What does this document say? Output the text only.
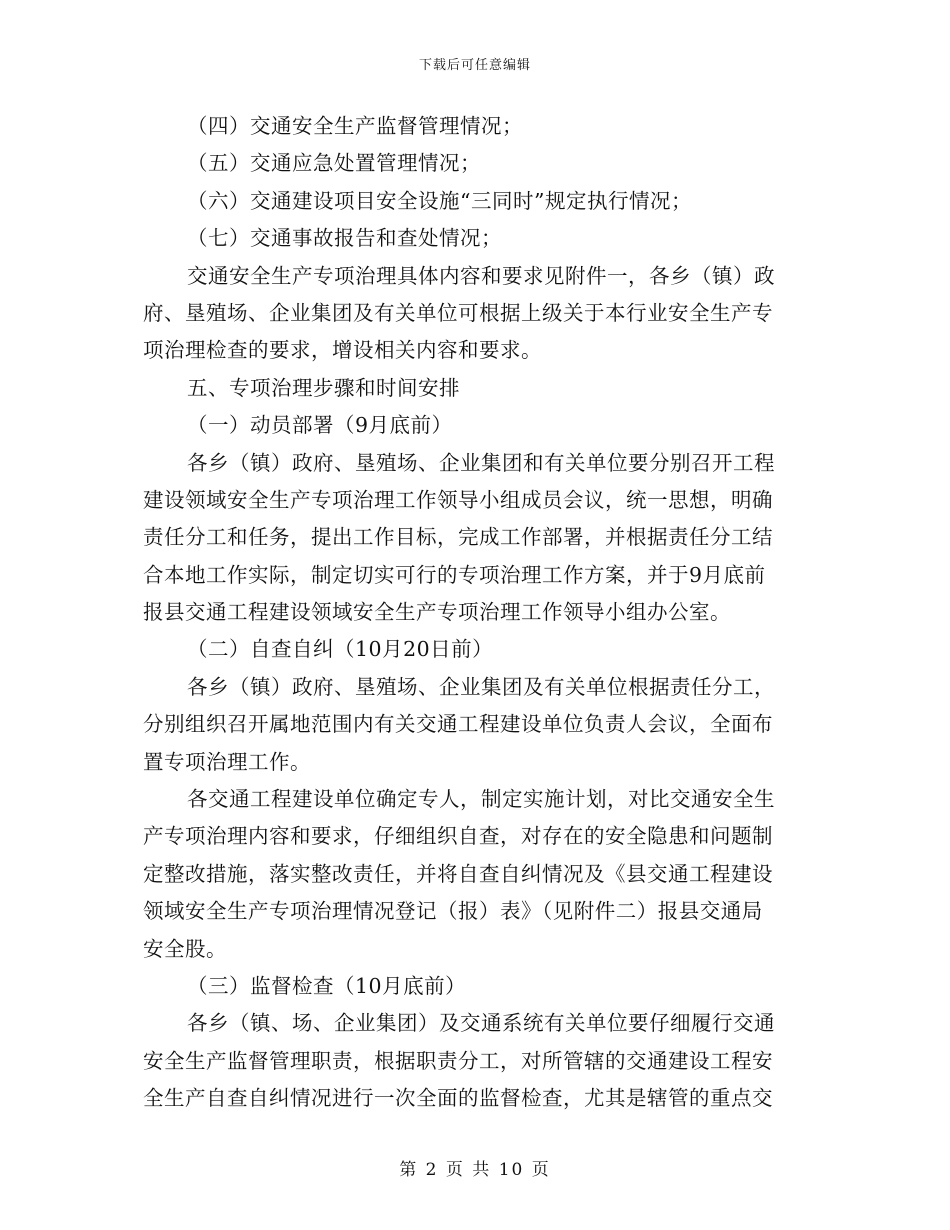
下载后可任意编辑
（四）交通安全生产监督管理情况；
（五）交通应急处置管理情况；
（六）交通建设项目安全设施“三同时”规定执行情况；
（七）交通事故报告和查处情况；
交通安全生产专项治理具体内容和要求见附件一，各乡（镇）政
府、垦殖场、企业集团及有关单位可根据上级关于本行业安全生产专
项治理检查的要求，增设相关内容和要求。
五、专项治理步骤和时间安排
（一）动员部署（9月底前）
各乡（镇）政府、垦殖场、企业集团和有关单位要分别召开工程
建设领域安全生产专项治理工作领导小组成员会议，统一思想，明确
责任分工和任务，提出工作目标，完成工作部署，并根据责任分工结
合本地工作实际，制定切实可行的专项治理工作方案，并于9月底前
报县交通工程建设领域安全生产专项治理工作领导小组办公室。
（二）自查自纠（10月20日前）
各乡（镇）政府、垦殖场、企业集团及有关单位根据责任分工，
分别组织召开属地范围内有关交通工程建设单位负责人会议，全面布
置专项治理工作。
各交通工程建设单位确定专人，制定实施计划，对比交通安全生
产专项治理内容和要求，仔细组织自查，对存在的安全隐患和问题制
定整改措施，落实整改责任，并将自查自纠情况及《县交通工程建设
领域安全生产专项治理情况登记（报）表》（见附件二）报县交通局
安全股。
（三）监督检查（10月底前）
各乡（镇、场、企业集团）及交通系统有关单位要仔细履行交通
安全生产监督管理职责，根据职责分工，对所管辖的交通建设工程安
全生产自查自纠情况进行一次全面的监督检查，尤其是辖管的重点交
第 2 页 共 10 页
